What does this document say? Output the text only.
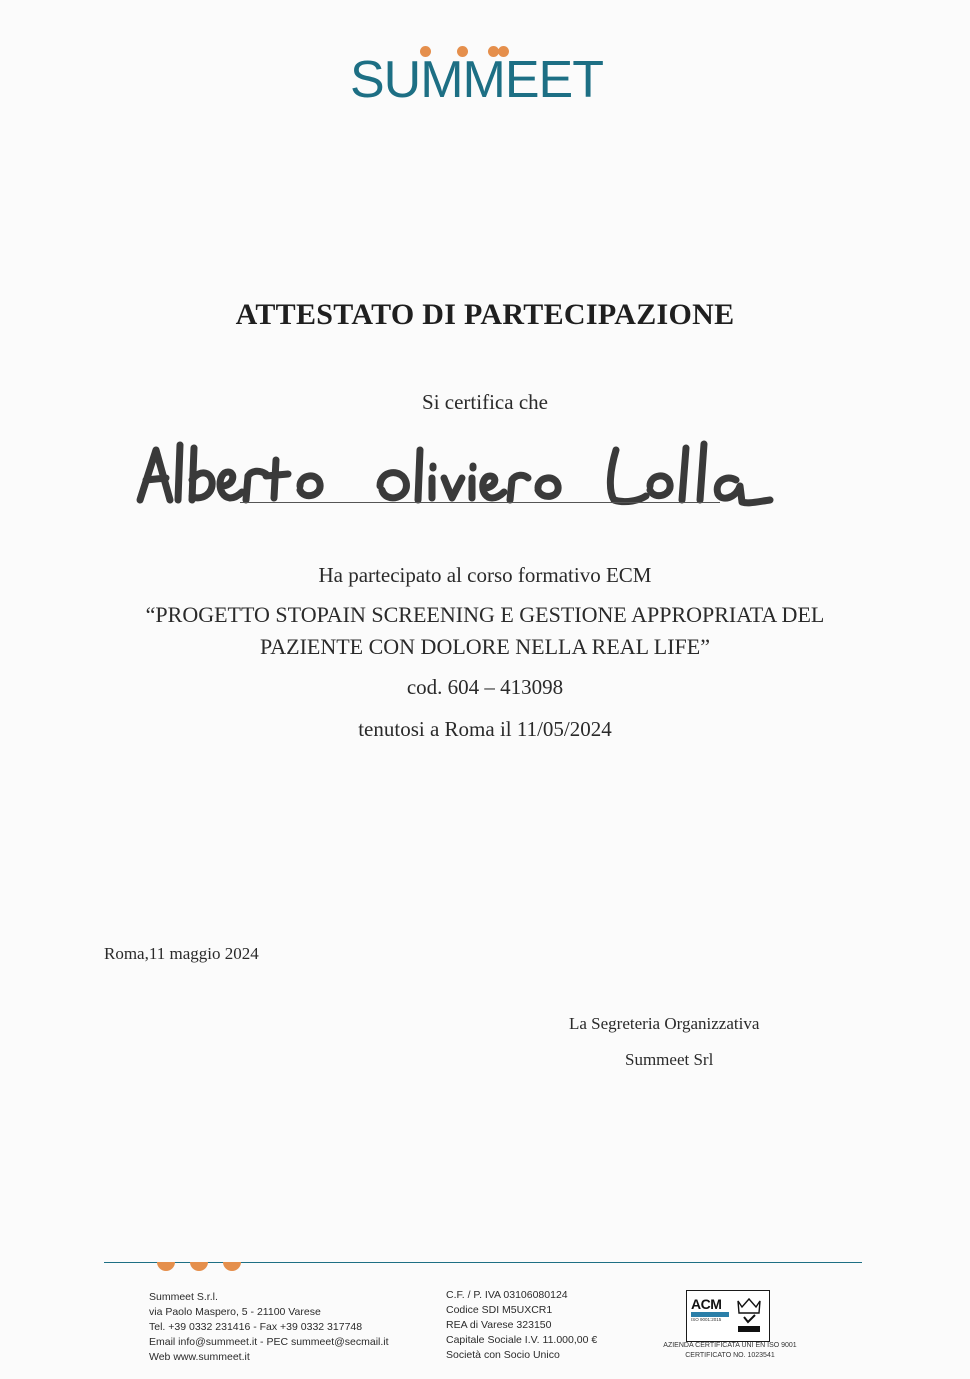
SUMMEET
ATTESTATO DI PARTECIPAZIONE
Si certifica che
Ha partecipato al corso formativo ECM
“PROGETTO STOPAIN SCREENING E GESTIONE APPROPRIATA DEL
PAZIENTE CON DOLORE NELLA REAL LIFE”
cod. 604 – 413098
tenutosi a Roma il 11/05/2024
Roma,11 maggio 2024
La Segreteria Organizzativa
Summeet Srl
Summeet S.r.l.
via Paolo Maspero, 5 - 21100 Varese
Tel. +39 0332 231416 - Fax +39 0332 317748
Email info@summeet.it - PEC summeet@secmail.it
Web www.summeet.it
C.F. / P. IVA 03106080124
Codice SDI M5UXCR1
REA di Varese 323150
Capitale Sociale I.V. 11.000,00 €
Società con Socio Unico
ACM
ISO 9001:2015
AZIENDA CERTIFICATA UNI EN ISO 9001
CERTIFICATO NO. 1023541
